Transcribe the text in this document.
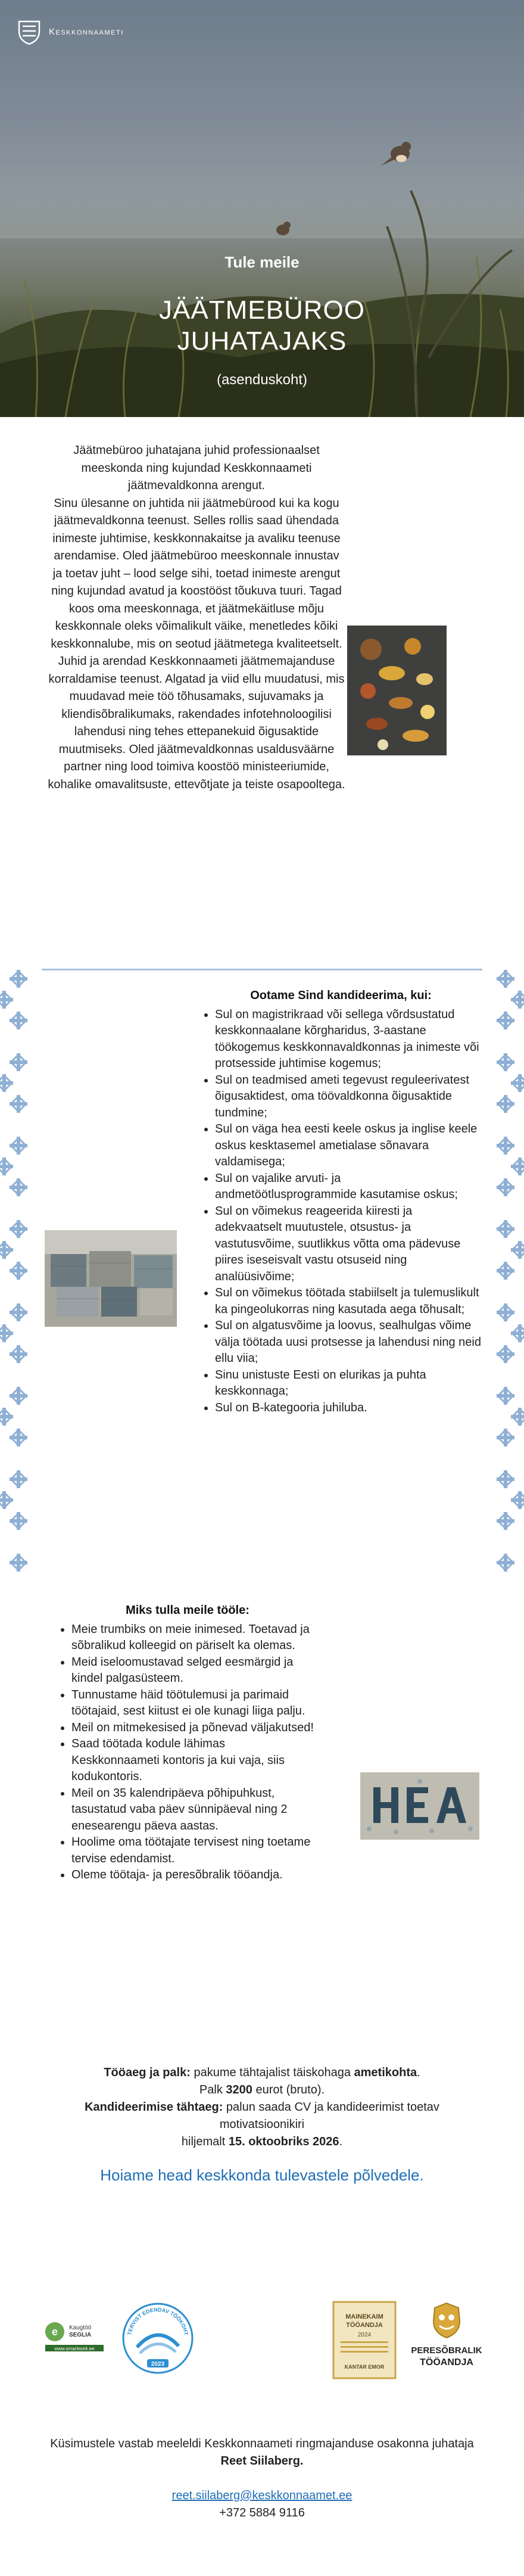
Keskkonnaameti
Tule meile
JÄÄTMEBÜROO
JUHATAJAKS
(asenduskoht)

Jäätmebüroo juhatajana juhid professionaalset meeskonda ning kujundad Keskkonnaameti jäätmevaldkonna arengut.

Sinu ülesanne on juhtida nii jäätmebürood kui ka kogu jäätmevaldkonna teenust. Selles rollis saad ühendada inimeste juhtimise, keskkonnakaitse ja avaliku teenuse arendamise. Oled jäätmebüroo meeskonnale innustav ja toetav juht – lood selge sihi, toetad inimeste arengut ning kujundad avatud ja koostööst tõukuva tuuri. Tagad koos oma meeskonnaga, et jäätmekäitluse mõju keskkonnale oleks võimalikult väike, menetledes kõiki keskkonnalube, mis on seotud jäätmetega kvaliteetselt.

Juhid ja arendad Keskkonnaameti jäätmemajanduse korraldamise teenust. Algatad ja viid ellu muudatusi, mis muudavad meie töö tõhusamaks, sujuvamaks ja kliendisõbralikumaks, rakendades infotehnoloogilisi lahendusi ning tehes ettepanekuid õigusaktide muutmiseks. Oled jäätmevaldkonnas usaldusväärne partner ning lood toimiva koostöö ministeeriumide, kohalike omavalitsuste, ettevõtjate ja teiste osapooltega.

Ootame Sind kandideerima, kui:
• Sul on magistrikraad või sellega võrdsustatud keskkonnaalane kõrgharidus, 3-aastane töökogemus keskkonnavaldkonnas ja inimeste või protsesside juhtimise kogemus;
• Sul on teadmised ameti tegevust reguleerivatest õigusaktidest, oma töövaldkonna õigusaktide tundmine;
• Sul on väga hea eesti keele oskus ja inglise keele oskus kesktasemel ametialase sõnavara valdamisega;
• Sul on vajalike arvuti- ja andmetöötlusprogrammide kasutamise oskus;
• Sul on võimekus reageerida kiiresti ja adekvaatselt muutustele, otsustus- ja vastutusvõime, suutlikkus võtta oma pädevuse piires iseseisvalt vastu otsuseid ning analüüsivõime;
• Sul on võimekus töötada stabiilselt ja tulemuslikult ka pingeolukorras ning kasutada aega tõhusalt;
• Sul on algatusvõime ja loovus, sealhulgas võime välja töötada uusi protsesse ja lahendusi ning neid ellu viia;
• Sinu unistuste Eesti on elurikas ja puhta keskkonnaga;
• Sul on B-kategooria juhiluba.
Miks tulla meile tööle:
• Meie trumbiks on meie inimesed. Toetavad ja sõbralikud kolleegid on päriselt ka olemas.
• Meid iseloomustavad selged eesmärgid ja kindel palgasüsteem.
• Tunnustame häid töötulemusi ja parimaid töötajaid, sest kiitust ei ole kunagi liiga palju.
• Meil on mitmekesised ja põnevad väljakutsed!
• Saad töötada kodule lähimas Keskkonnaameti kontoris ja kui vaja, siis kodukontoris.
• Meil on 35 kalendripäeva põhipuhkust, tasustatud vaba päev sünnipäeval ning 2 enesearengu päeva aastas.
• Hoolime oma töötajate tervisest ning toetame tervise edendamist.
• Oleme töötaja- ja peresõbralik tööandja.

Tööaeg ja palk: pakume tähtajalist täiskohaga ametikohta.

Palk 3200 eurot (bruto).

Kandideerimise tähtaeg: palun saada CV ja kandideerimist toetav motivatsioonikiri

hiljemalt 15. oktoobriks 2026.

Hoiame head keskkonda tulevastele põlvedele.
e Kaugtöö
SEGLIA
www.smartwork.ee
TERVIST EDENDAV TÖÖKOHT
2023
MAINEKAIM
TÖÖANDJA
2024
KANTAR EMOR
PERESÕBRALIK
TÖÖANDJA

Küsimustele vastab meeleldi Keskkonnaameti ringmajanduse osakonna juhataja Reet Siilaberg.

reet.siilaberg@keskkonnaamet.ee

+372 5884 9116
